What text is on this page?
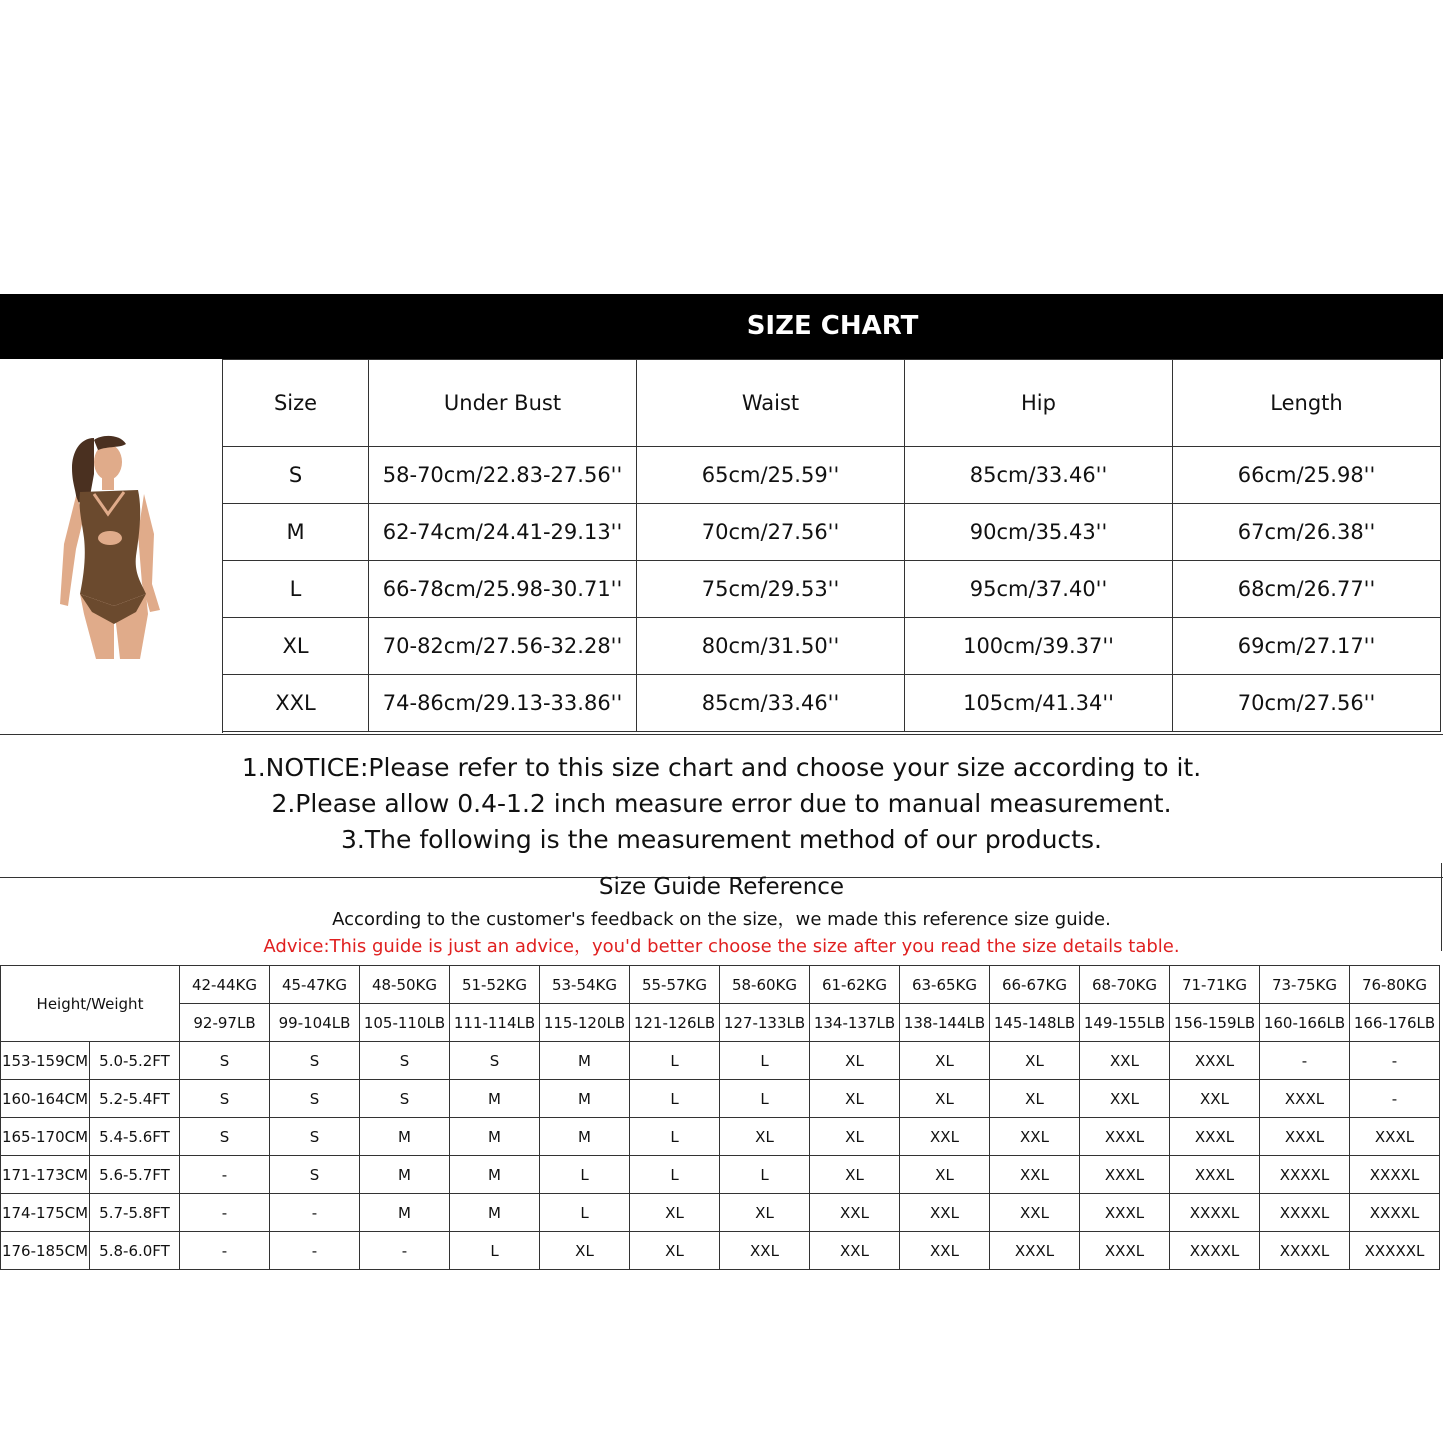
SIZE CHART
Size	Under Bust	Waist	Hip	Length
S	58-70cm/22.83-27.56''	65cm/25.59''	85cm/33.46''	66cm/25.98''
M	62-74cm/24.41-29.13''	70cm/27.56''	90cm/35.43''	67cm/26.38''
L	66-78cm/25.98-30.71''	75cm/29.53''	95cm/37.40''	68cm/26.77''
XL	70-82cm/27.56-32.28''	80cm/31.50''	100cm/39.37''	69cm/27.17''
XXL	74-86cm/29.13-33.86''	85cm/33.46''	105cm/41.34''	70cm/27.56''
1.NOTICE:Please refer to this size chart and choose your size according to it.
2.Please allow 0.4-1.2 inch measure error due to manual measurement.
3.The following is the measurement method of our products.
Size Guide Reference
According to the customer's feedback on the size，we made this reference size guide.
Advice:This guide is just an advice，you'd better choose the size after you read the size details table.
Height/Weight		42-44KG	45-47KG	48-50KG	51-52KG	53-54KG	55-57KG	58-60KG	61-62KG	63-65KG	66-67KG	68-70KG	71-71KG	73-75KG	76-80KG
		92-97LB	99-104LB	105-110LB	111-114LB	115-120LB	121-126LB	127-133LB	134-137LB	138-144LB	145-148LB	149-155LB	156-159LB	160-166LB	166-176LB
153-159CM	5.0-5.2FT	S	S	S	S	M	L	L	XL	XL	XL	XXL	XXXL	-	-
160-164CM	5.2-5.4FT	S	S	S	M	M	L	L	XL	XL	XL	XXL	XXL	XXXL	-
165-170CM	5.4-5.6FT	S	S	M	M	M	L	XL	XL	XXL	XXL	XXXL	XXXL	XXXL	XXXL
171-173CM	5.6-5.7FT	-	S	M	M	L	L	L	XL	XL	XXL	XXXL	XXXL	XXXXL	XXXXL
174-175CM	5.7-5.8FT	-	-	M	M	L	XL	XL	XXL	XXL	XXL	XXXL	XXXXL	XXXXL	XXXXL
176-185CM	5.8-6.0FT	-	-	-	L	XL	XL	XXL	XXL	XXL	XXXL	XXXL	XXXXL	XXXXL	XXXXXL
